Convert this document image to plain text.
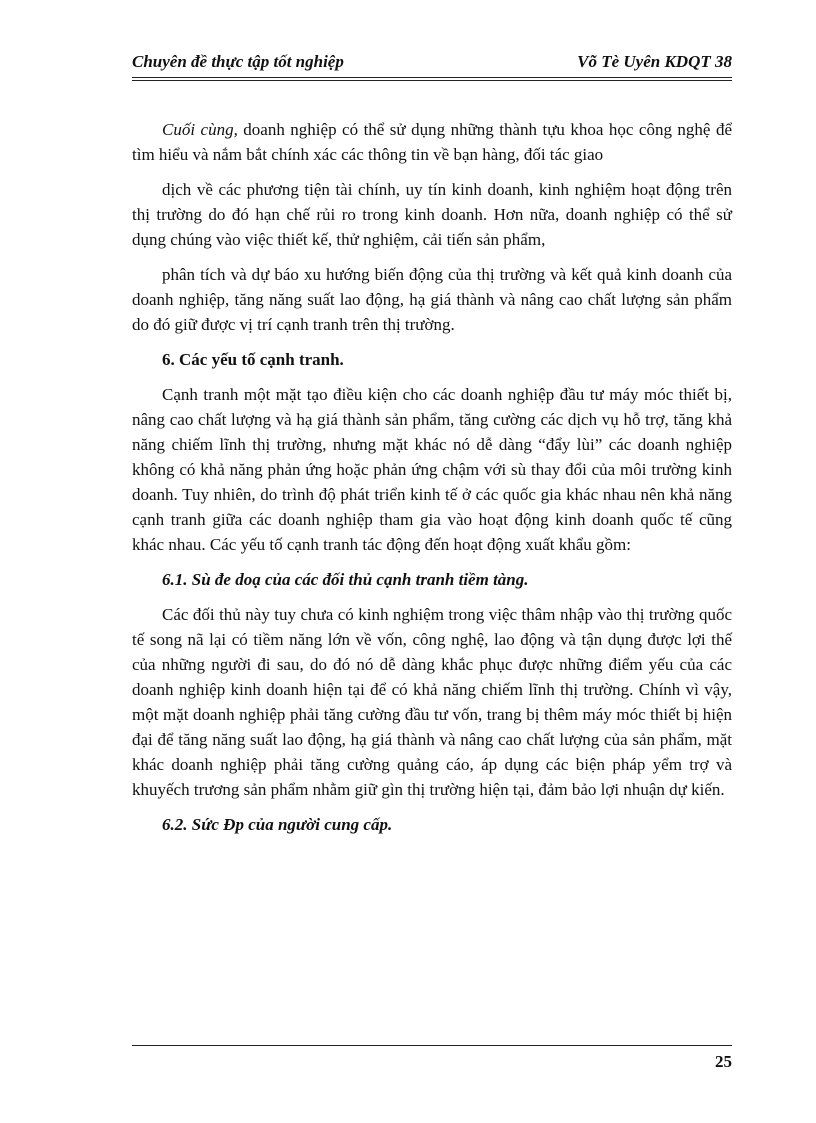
Chuyên đề thực tập tốt nghiệp	Võ Tè Uyên KDQT 38

Cuối cùng, doanh nghiệp có thể sử dụng những thành tựu khoa học công nghệ để tìm hiểu và nắm bắt chính xác các thông tin về bạn hàng, đối tác giao

dịch về các phương tiện tài chính, uy tín kinh doanh, kinh nghiệm hoạt động trên thị trường do đó hạn chế rủi ro trong kinh doanh. Hơn nữa, doanh nghiệp có thể sử dụng chúng vào việc thiết kế, thử nghiệm, cải tiến sản phẩm,

phân tích và dự báo xu hướng biến động của thị trường và kết quả kinh doanh của doanh nghiệp, tăng năng suất lao động, hạ giá thành và nâng cao chất lượng sản phẩm do đó giữ được vị trí cạnh tranh trên thị trường.

6. Các yếu tố cạnh tranh.

Cạnh tranh một mặt tạo điều kiện cho các doanh nghiệp đầu tư máy móc thiết bị, nâng cao chất lượng và hạ giá thành sản phẩm, tăng cường các dịch vụ hỗ trợ, tăng khả năng chiếm lĩnh thị trường, nhưng mặt khác nó dễ dàng “đẩy lùi” các doanh nghiệp không có khả năng phản ứng hoặc phản ứng chậm với sù thay đổi của môi trường kinh doanh. Tuy nhiên, do trình độ phát triển kinh tế ở các quốc gia khác nhau nên khả năng cạnh tranh giữa các doanh nghiệp tham gia vào hoạt động kinh doanh quốc tế cũng khác nhau. Các yếu tố cạnh tranh tác động đến hoạt động xuất khẩu gồm:

6.1. Sù đe doạ của các đối thủ cạnh tranh tiềm tàng.

Các đối thủ này tuy chưa có kinh nghiệm trong việc thâm nhập vào thị trường quốc tế song nã lại có tiềm năng lớn về vốn, công nghệ, lao động và tận dụng được lợi thế của những người đi sau, do đó nó dễ dàng khắc phục được những điểm yếu của các doanh nghiệp kinh doanh hiện tại để có khả năng chiếm lĩnh thị trường. Chính vì vậy, một mặt doanh nghiệp phải tăng cường đầu tư vốn, trang bị thêm máy móc thiết bị hiện đại để tăng năng suất lao động, hạ giá thành và nâng cao chất lượng của sản phẩm, mặt khác doanh nghiệp phải tăng cường quảng cáo, áp dụng các biện pháp yểm trợ và khuyếch trương sản phẩm nhằm giữ gìn thị trường hiện tại, đảm bảo lợi nhuận dự kiến.

6.2. Sức Ðp của người cung cấp.
25
